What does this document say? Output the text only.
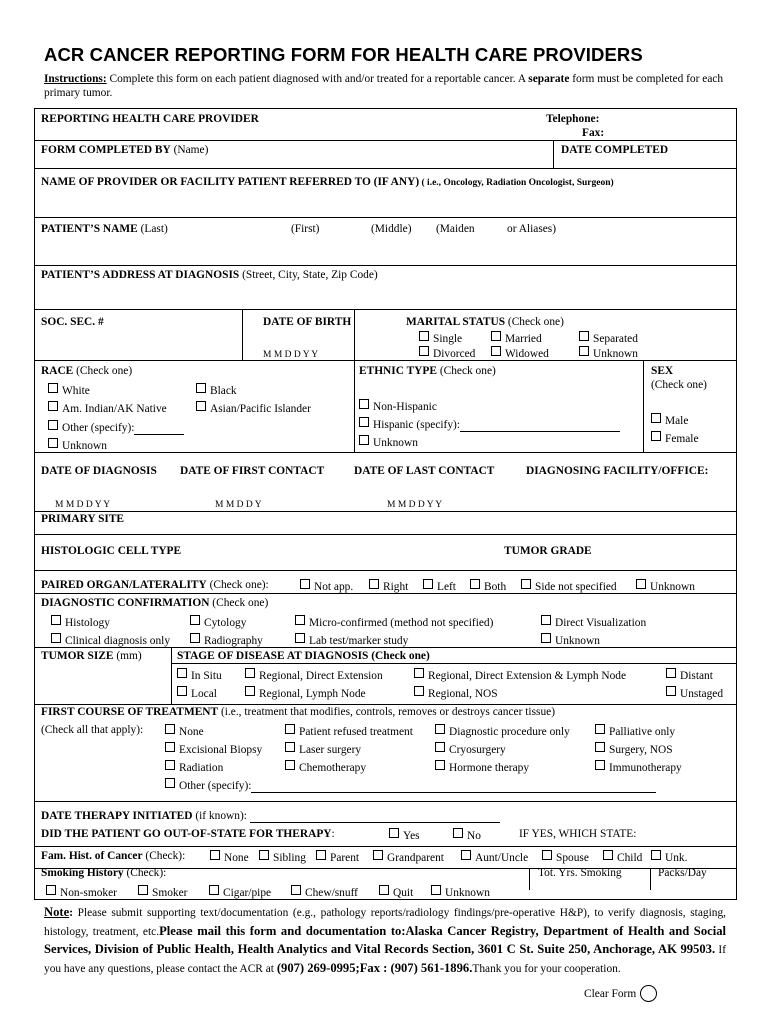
ACR CANCER REPORTING FORM FOR HEALTH CARE PROVIDERS
Instructions: Complete this form on each patient diagnosed with and/or treated for a reportable cancer. A separate form must be completed for each primary tumor.
REPORTING HEALTH CARE PROVIDER	Telephone:
Fax:
FORM COMPLETED BY (Name)	DATE COMPLETED
NAME OF PROVIDER OR FACILITY PATIENT REFERRED TO (IF ANY) ( i.e., Oncology, Radiation Oncologist, Surgeon)
PATIENT’S NAME (Last)	(First)	(Middle) (Maiden	or Aliases)
PATIENT’S ADDRESS AT DIAGNOSIS (Street, City, State, Zip Code)
SOC. SEC. #	DATE OF BIRTH
M M D D Y Y
MARITAL STATUS (Check one)
Single	Married	Separated
Divorced	Widowed	Unknown
RACE (Check one)
White	Black
Am. Indian/AK Native	Asian/Pacific Islander
Other (specify):
Unknown
ETHNIC TYPE (Check one)
Non-Hispanic
Hispanic (specify):
Unknown
SEX
(Check one)
Male
Female
DATE OF DIAGNOSIS DATE OF FIRST CONTACT	DATE OF LAST CONTACT	DIAGNOSING FACILITY/OFFICE:
M M D D Y Y	M M D D Y	M M D D Y Y
PRIMARY SITE
HISTOLOGIC CELL TYPE	TUMOR GRADE
PAIRED ORGAN/LATERALITY (Check one):	Not app.	Right	Left	Both	Side not specified	Unknown
DIAGNOSTIC CONFIRMATION (Check one)
Histology	Cytology	Micro-confirmed (method not specified)	Direct Visualization
Clinical diagnosis only	Radiography	Lab test/marker study	Unknown
TUMOR SIZE (mm)	STAGE OF DISEASE AT DIAGNOSIS (Check one)
In Situ	Regional, Direct Extension	Regional, Direct Extension & Lymph Node	Distant
Local	Regional, Lymph Node	Regional, NOS	Unstaged
FIRST COURSE OF TREATMENT (i.e., treatment that modifies, controls, removes or destroys cancer tissue)
(Check all that apply):	None	Patient refused treatment	Diagnostic procedure only	Palliative only
Excisional Biopsy	Laser surgery	Cryosurgery	Surgery, NOS
Radiation	Chemotherapy	Hormone therapy	Immunotherapy
Other (specify):
DATE THERAPY INITIATED (if known):
DID THE PATIENT GO OUT-OF-STATE FOR THERAPY:	Yes	No	IF YES, WHICH STATE:
Fam. Hist. of Cancer (Check):	None	Sibling	Parent	Grandparent	Aunt/Uncle	Spouse	Child	Unk.
Smoking History (Check):	Tot. Yrs. Smoking	Packs/Day
Non-smoker	Smoker	Cigar/pipe	Chew/snuff	Quit	Unknown
Note: Please submit supporting text/documentation (e.g., pathology reports/radiology findings/pre-operative H&P), to verify diagnosis, staging, histology, treatment, etc.Please mail this form and documentation to:Alaska Cancer Registry, Department of Health and Social Services, Division of Public Health, Health Analytics and Vital Records Section, 3601 C St. Suite 250, Anchorage, AK 99503. If you have any questions, please contact the ACR at (907) 269-0995;Fax : (907) 561-1896.Thank you for your cooperation.
Clear Form
